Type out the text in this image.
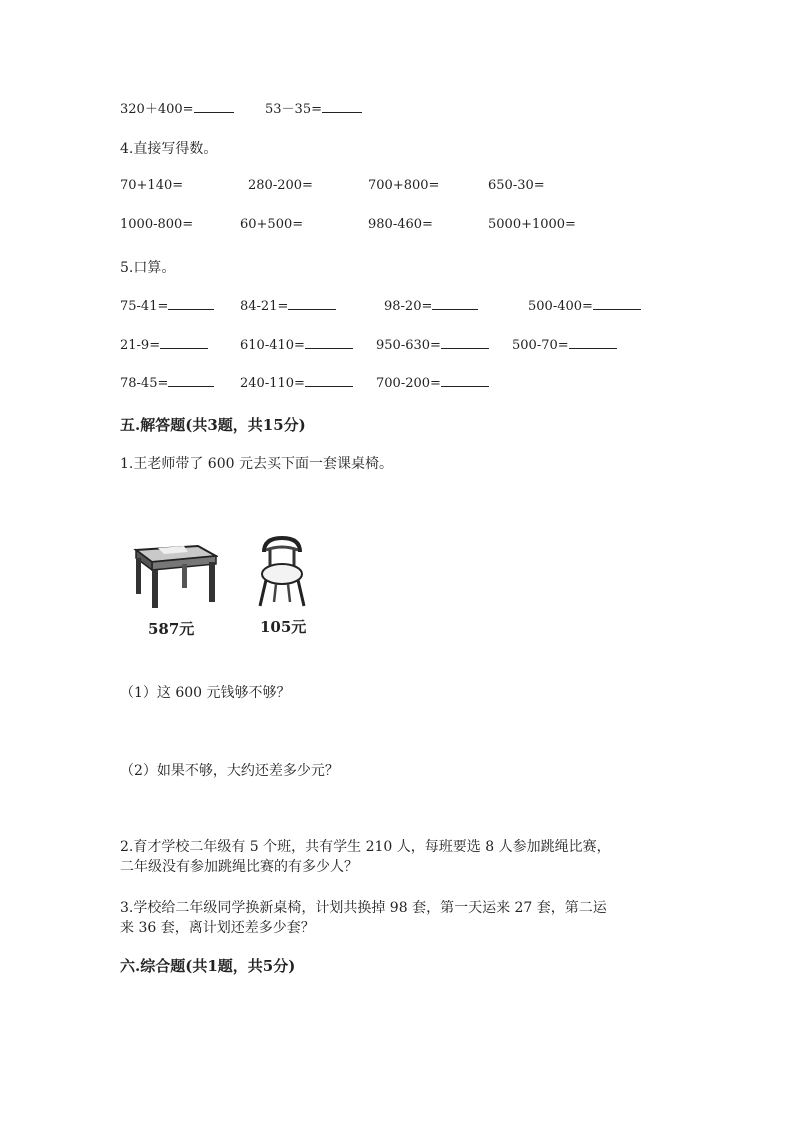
320＋400=	53－35=
4.直接写得数。
70+140=	280-200=	700+800=	650-30=
1000-800=	60+500=	980-460=	5000+1000=
5.口算。
75-41=	84-21=	98-20=	500-400=
21-9=	610-410=	950-630=	500-70=
78-45=	240-110=	700-200=
五.解答题(共3题，共15分)
1.王老师带了 600 元去买下面一套课桌椅。
587元	105元
（1）这 600 元钱够不够？
（2）如果不够，大约还差多少元？
2.育才学校二年级有 5 个班，共有学生 210 人，每班要选 8 人参加跳绳比赛，
二年级没有参加跳绳比赛的有多少人？
3.学校给二年级同学换新桌椅，计划共换掉 98 套，第一天运来 27 套，第二运
来 36 套，离计划还差多少套？
六.综合题(共1题，共5分)
